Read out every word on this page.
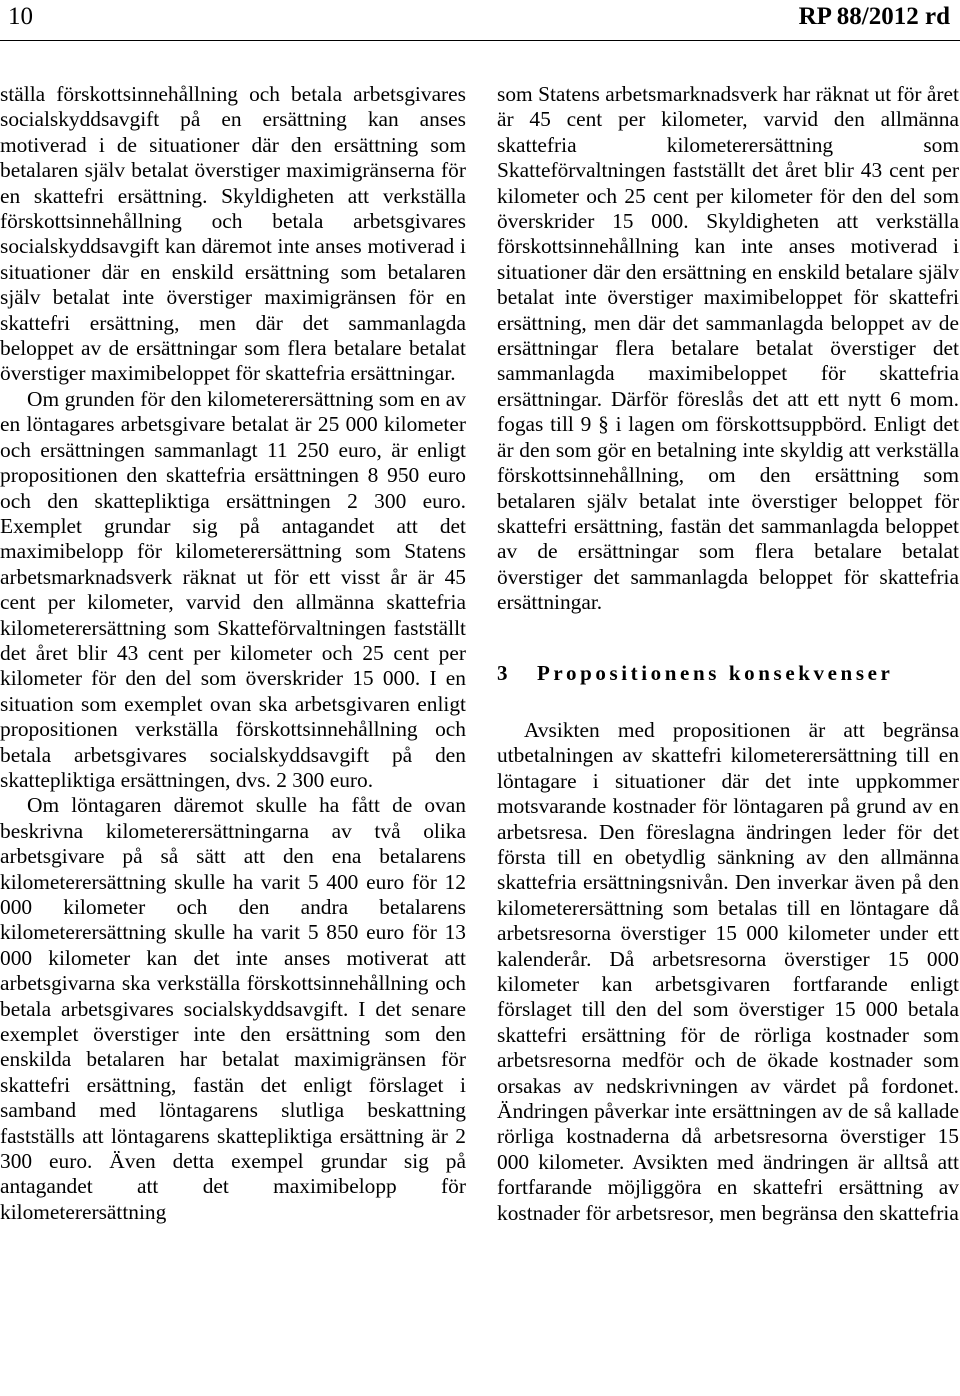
10	RP 88/2012 rd

ställa förskottsinnehållning och betala arbetsgivares socialskyddsavgift på en ersättning kan anses motiverad i de situationer där den ersättning som betalaren själv betalat överstiger maximigränserna för en skattefri ersättning. Skyldigheten att verkställa förskottsinnehållning och betala arbetsgivares socialskyddsavgift kan däremot inte anses motiverad i situationer där en enskild ersättning som betalaren själv betalat inte överstiger maximigränsen för en skattefri ersättning, men där det sammanlagda beloppet av de ersättningar som flera betalare betalat överstiger maximibeloppet för skattefria ersättningar.

Om grunden för den kilometerersättning som en av en löntagares arbetsgivare betalat är 25 000 kilometer och ersättningen sammanlagt 11 250 euro, är enligt propositionen den skattefria ersättningen 8 950 euro och den skattepliktiga ersättningen 2 300 euro. Exemplet grundar sig på antagandet att det maximibelopp för kilometerersättning som Statens arbetsmarknadsverk räknat ut för ett visst år är 45 cent per kilometer, varvid den allmänna skattefria kilometerersättning som Skatteförvaltningen fastställt det året blir 43 cent per kilometer och 25 cent per kilometer för den del som överskrider 15 000. I en situation som exemplet ovan ska arbetsgivaren enligt propositionen verkställa förskottsinnehållning och betala arbetsgivares socialskyddsavgift på den skattepliktiga ersättningen, dvs. 2 300 euro.

Om löntagaren däremot skulle ha fått de ovan beskrivna kilometerersättningarna av två olika arbetsgivare på så sätt att den ena betalarens kilometerersättning skulle ha varit 5 400 euro för 12 000 kilometer och den andra betalarens kilometerersättning skulle ha varit 5 850 euro för 13 000 kilometer kan det inte anses motiverat att arbetsgivarna ska verkställa förskottsinnehållning och betala arbetsgivares socialskyddsavgift. I det senare exemplet överstiger inte den ersättning som den enskilda betalaren har betalat maximigränsen för skattefri ersättning, fastän det enligt förslaget i samband med löntagarens slutliga beskattning fastställs att löntagarens skattepliktiga ersättning är 2 300 euro. Även detta exempel grundar sig på antagandet att det maximibelopp för kilometerersättning

som Statens arbetsmarknadsverk har räknat ut för året är 45 cent per kilometer, varvid den allmänna skattefria kilometerersättning som Skatteförvaltningen fastställt det året blir 43 cent per kilometer och 25 cent per kilometer för den del som överskrider 15 000. Skyldigheten att verkställa förskottsinnehållning kan inte anses motiverad i situationer där den ersättning en enskild betalare själv betalat inte överstiger maximibeloppet för skattefri ersättning, men där det sammanlagda beloppet av de ersättningar flera betalare betalat överstiger det sammanlagda maximibeloppet för skattefria ersättningar. Därför föreslås det att ett nytt 6 mom. fogas till 9 § i lagen om förskottsuppbörd. Enligt det är den som gör en betalning inte skyldig att verkställa förskottsinnehållning, om den ersättning som betalaren själv betalat inte överstiger beloppet för skattefri ersättning, fastän det sammanlagda beloppet av de ersättningar som flera betalare betalat överstiger det sammanlagda beloppet för skattefria ersättningar.

3 Propositionens konsekvenser

Avsikten med propositionen är att begränsa utbetalningen av skattefri kilometerersättning till en löntagare i situationer där det inte uppkommer motsvarande kostnader för löntagaren på grund av en arbetsresa. Den föreslagna ändringen leder för det första till en obetydlig sänkning av den allmänna skattefria ersättningsnivån. Den inverkar även på den kilometerersättning som betalas till en löntagare då arbetsresorna överstiger 15 000 kilometer under ett kalenderår. Då arbetsresorna överstiger 15 000 kilometer kan arbetsgivaren fortfarande enligt förslaget till den del som överstiger 15 000 betala skattefri ersättning för de rörliga kostnader som arbetsresorna medför och de ökade kostnader som orsakas av nedskrivningen av värdet på fordonet. Ändringen påverkar inte ersättningen av de så kallade rörliga kostnaderna då arbetsresorna överstiger 15 000 kilometer. Avsikten med ändringen är alltså att fortfarande möjliggöra en skattefri ersättning av kostnader för arbetsresor, men begränsa den skattefria
